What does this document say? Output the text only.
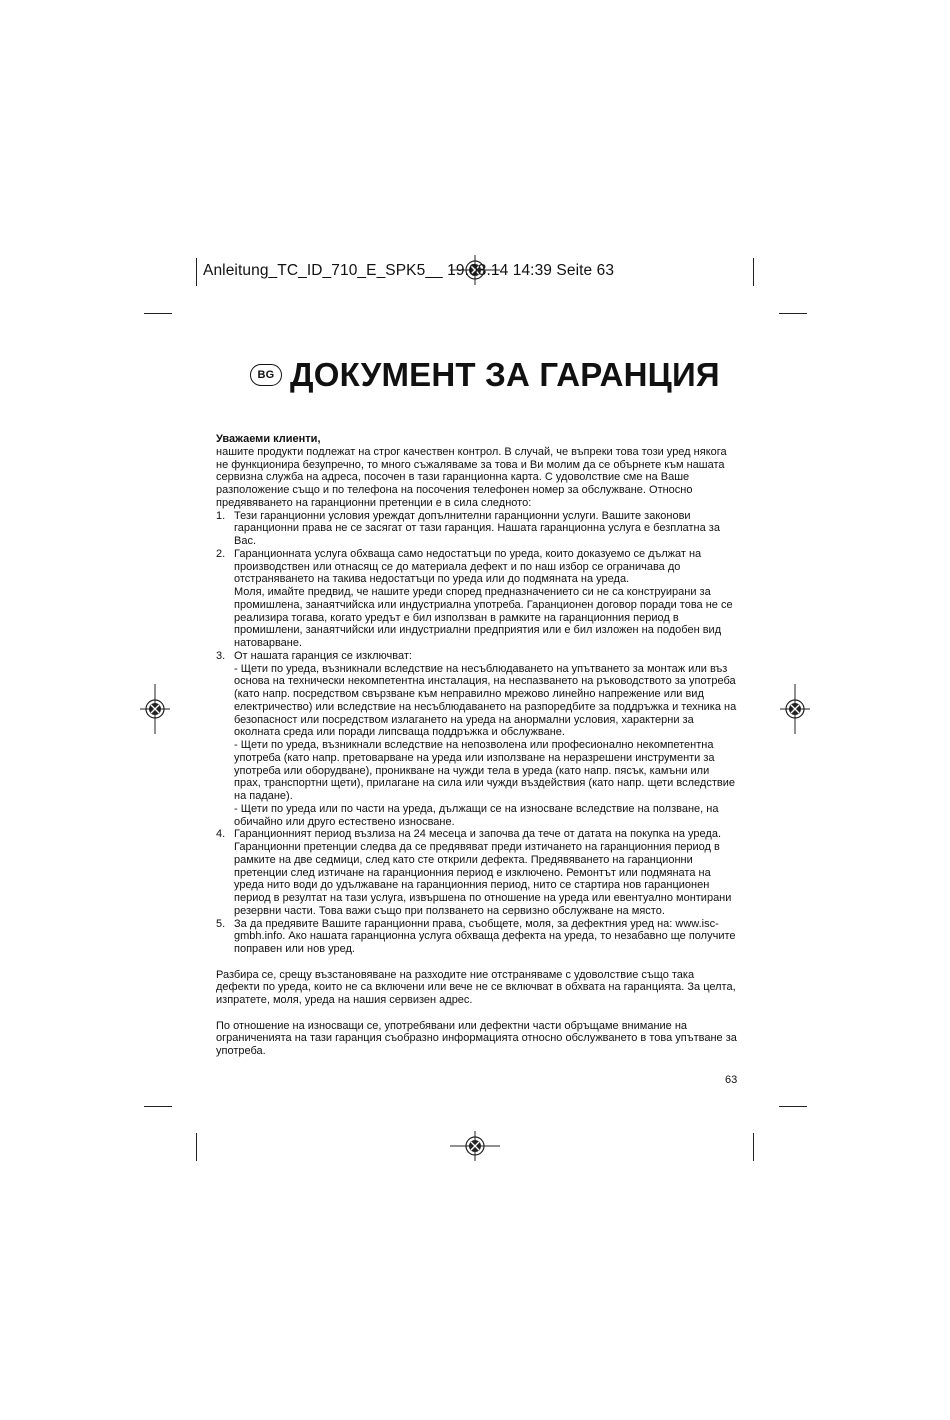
Anleitung_TC_ID_710_E_SPK5__ 19.03.14 14:39 Seite 63
BG ДОКУМЕНТ ЗА ГАРАНЦИЯ

Уважаеми клиенти,

нашите продукти подлежат на строг качествен контрол. В случай, че въпреки това този уред някога не функционира безупречно, то много съжаляваме за това и Ви молим да се обърнете към нашата сервизна служба на адреса, посочен в тази гаранционна карта. С удоволствие сме на Ваше разположение също и по телефона на посочения телефонен номер за обслужване. Относно предявяването на гаранционни претенции е в сила следното:

1. Тези гаранционни условия уреждат допълнителни гаранционни услуги. Вашите законови гаранционни права не се засягат от тази гаранция. Нашата гаранционна услуга е безплатна за Вас.

2. Гаранционната услуга обхваща само недостатъци по уреда, които доказуемо се дължат на производствен или отнасящ се до материала дефект и по наш избор се ограничава до отстраняването на такива недостатъци по уреда или до подмяната на уреда.

Моля, имайте предвид, че нашите уреди според предназначението си не са конструирани за промишлена, занаятчийска или индустриална употреба. Гаранционен договор поради това не се реализира тогава, когато уредът е бил използван в рамките на гаранционния период в промишлени, занаятчийски или индустриални предприятия или е бил изложен на подобен вид натоварване.

3. От нашата гаранция се изключват:

- Щети по уреда, възникнали вследствие на несъблюдаването на упътването за монтаж или въз основа на технически некомпетентна инсталация, на неспазването на ръководството за употреба (като напр. посредством свързване към неправилно мрежово линейно напрежение или вид електричество) или вследствие на несъблюдаването на разпоредбите за поддръжка и техника на безопасност или посредством излагането на уреда на анормални условия, характерни за околната среда или поради липсваща поддръжка и обслужване.

- Щети по уреда, възникнали вследствие на непозволена или професионално некомпетентна употреба (като напр. претоварване на уреда или използване на неразрешени инструменти за употреба или оборудване), проникване на чужди тела в уреда (като напр. пясък, камъни или прах, транспортни щети), прилагане на сила или чужди въздействия (като напр. щети вследствие на падане).

- Щети по уреда или по части на уреда, дължащи се на износване вследствие на ползване, на обичайно или друго естествено износване.

4. Гаранционният период възлиза на 24 месеца и започва да тече от датата на покупка на уреда. Гаранционни претенции следва да се предявяват преди изтичането на гаранционния период в рамките на две седмици, след като сте открили дефекта. Предявяването на гаранционни претенции след изтичане на гаранционния период е изключено. Ремонтът или подмяната на уреда нито води до удължаване на гаранционния период, нито се стартира нов гаранционен период в резултат на тази услуга, извършена по отношение на уреда или евентуално монтирани резервни части. Това важи също при ползването на сервизно обслужване на място.

5. За да предявите Вашите гаранционни права, съобщете, моля, за дефектния уред на: www.isc-gmbh.info. Ако нашата гаранционна услуга обхваща дефекта на уреда, то незабавно ще получите поправен или нов уред.

Разбира се, срещу възстановяване на разходите ние отстраняваме с удоволствие също така дефекти по уреда, които не са включени или вече не се включват в обхвата на гаранцията. За целта, изпратете, моля, уреда на нашия сервизен адрес.

По отношение на износващи се, употребявани или дефектни части обръщаме внимание на ограниченията на тази гаранция съобразно информацията относно обслужването в това упътване за употреба.

63
